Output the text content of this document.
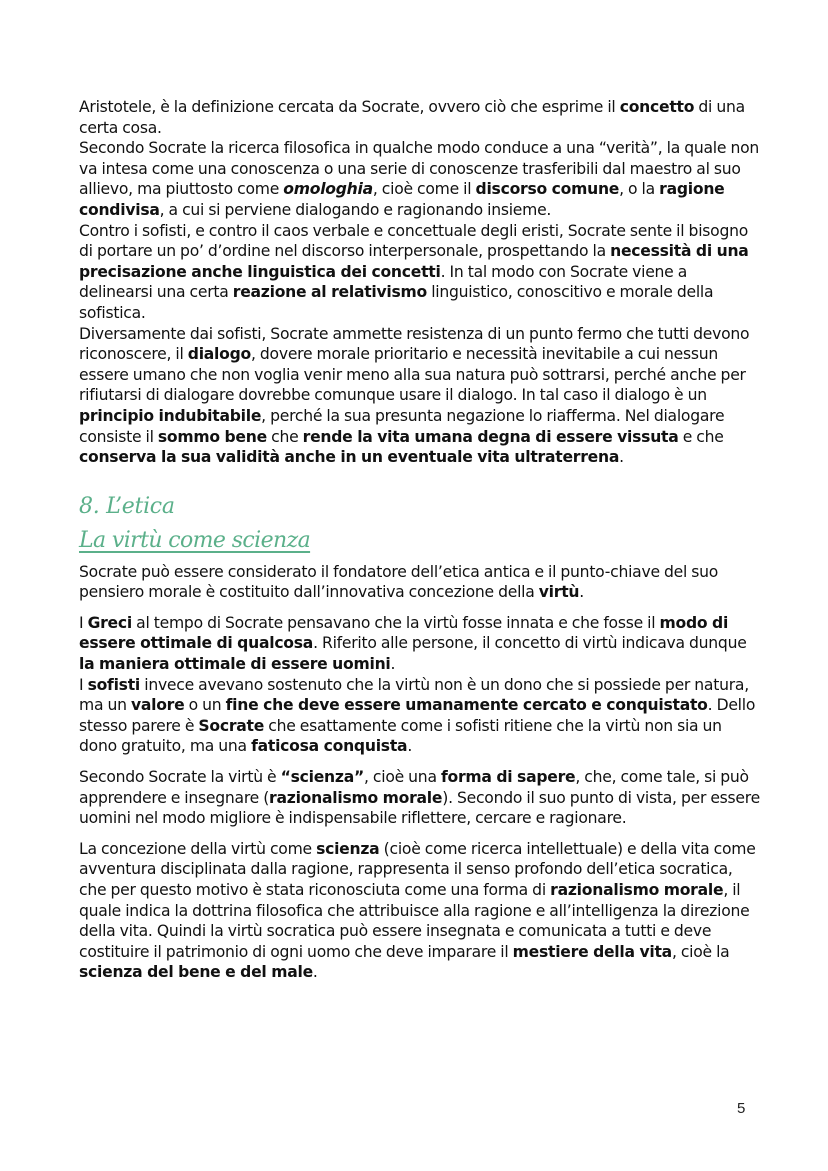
Aristotele, è la definizione cercata da Socrate, ovvero ciò che esprime il concetto di una certa cosa.

Secondo Socrate la ricerca filosofica in qualche modo conduce a una “verità”, la quale non va intesa come una conoscenza o una serie di conoscenze trasferibili dal maestro al suo allievo, ma piuttosto come omologhia, cioè come il discorso comune, o la ragione condivisa, a cui si perviene dialogando e ragionando insieme.

Contro i sofisti, e contro il caos verbale e concettuale degli eristi, Socrate sente il bisogno di portare un po’ d’ordine nel discorso interpersonale, prospettando la necessità di una precisazione anche linguistica dei concetti. In tal modo con Socrate viene a delinearsi una certa reazione al relativismo linguistico, conoscitivo e morale della sofistica.

Diversamente dai sofisti, Socrate ammette resistenza di un punto fermo che tutti devono riconoscere, il dialogo, dovere morale prioritario e necessità inevitabile a cui nessun essere umano che non voglia venir meno alla sua natura può sottrarsi, perché anche per rifiutarsi di dialogare dovrebbe comunque usare il dialogo. In tal caso il dialogo è un principio indubitabile, perché la sua presunta negazione lo riafferma. Nel dialogare consiste il sommo bene che rende la vita umana degna di essere vissuta e che conserva la sua validità anche in un eventuale vita ultraterrena.

8. L’etica
La virtù come scienza

Socrate può essere considerato il fondatore dell’etica antica e il punto-chiave del suo pensiero morale è costituito dall’innovativa concezione della virtù.

I Greci al tempo di Socrate pensavano che la virtù fosse innata e che fosse il modo di essere ottimale di qualcosa. Riferito alle persone, il concetto di virtù indicava dunque la maniera ottimale di essere uomini.

I sofisti invece avevano sostenuto che la virtù non è un dono che si possiede per natura, ma un valore o un fine che deve essere umanamente cercato e conquistato. Dello stesso parere è Socrate che esattamente come i sofisti ritiene che la virtù non sia un dono gratuito, ma una faticosa conquista.

Secondo Socrate la virtù è “scienza”, cioè una forma di sapere, che, come tale, si può apprendere e insegnare (razionalismo morale). Secondo il suo punto di vista, per essere uomini nel modo migliore è indispensabile riflettere, cercare e ragionare.

La concezione della virtù come scienza (cioè come ricerca intellettuale) e della vita come avventura disciplinata dalla ragione, rappresenta il senso profondo dell’etica socratica, che per questo motivo è stata riconosciuta come una forma di razionalismo morale, il quale indica la dottrina filosofica che attribuisce alla ragione e all’intelligenza la direzione della vita. Quindi la virtù socratica può essere insegnata e comunicata a tutti e deve costituire il patrimonio di ogni uomo che deve imparare il mestiere della vita, cioè la scienza del bene e del male.

5
